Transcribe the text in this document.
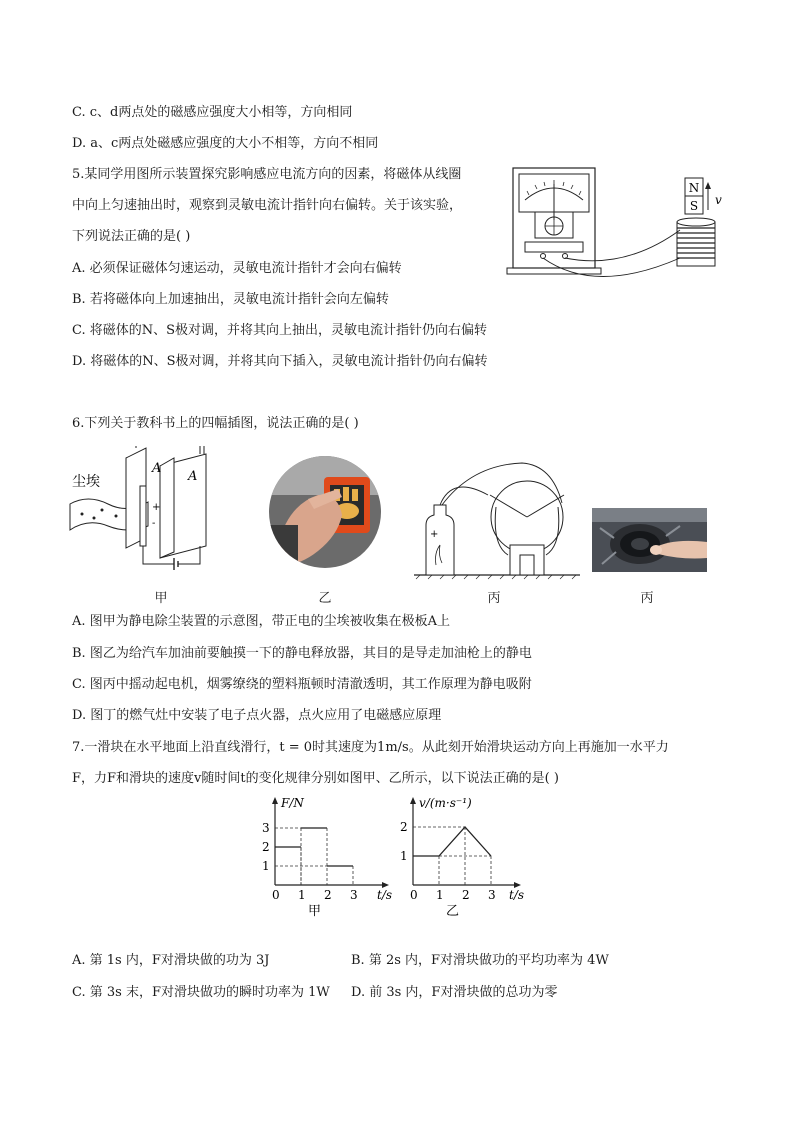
C. c、d两点处的磁感应强度大小相等，方向相同
D. a、c两点处磁感应强度的大小不相等，方向不相同
5.某同学用图所示装置探究影响感应电流方向的因素，将磁体从线圈
中向上匀速抽出时，观察到灵敏电流计指针向右偏转。关于该实验，
下列说法正确的是( )
A. 必须保证磁体匀速运动，灵敏电流计指针才会向右偏转
B. 若将磁体向上加速抽出，灵敏电流计指针会向左偏转
C. 将磁体的N、S极对调，并将其向上抽出，灵敏电流计指针仍向右偏转
D. 将磁体的N、S极对调，并将其向下插入，灵敏电流计指针仍向右偏转
N
S v
6.下列关于教科书上的四幅插图，说法正确的是( )
尘埃
A
A
+
-
甲	乙
+
丙	丙
A. 图甲为静电除尘装置的示意图，带正电的尘埃被收集在极板A上
B. 图乙为给汽车加油前要触摸一下的静电释放器，其目的是导走加油枪上的静电
C. 图丙中摇动起电机，烟雾缭绕的塑料瓶顿时清澈透明，其工作原理为静电吸附
D. 图丁的燃气灶中安装了电子点火器，点火应用了电磁感应原理
7.一滑块在水平地面上沿直线滑行，t = 0时其速度为1m/s。从此刻开始滑块运动方向上再施加一水平力
F，力F和滑块的速度v随时间t的变化规律分别如图甲、乙所示，以下说法正确的是( )
F/N
t/s
0 1 2 3
1
2
3
甲
v/(m·s⁻¹)
t/s
0 1 2 3
1
2
乙
A. 第 1s 内，F对滑块做的功为 3J	B. 第 2s 内，F对滑块做功的平均功率为 4W
C. 第 3s 末，F对滑块做功的瞬时功率为 1W D. 前 3s 内，F对滑块做的总功为零
